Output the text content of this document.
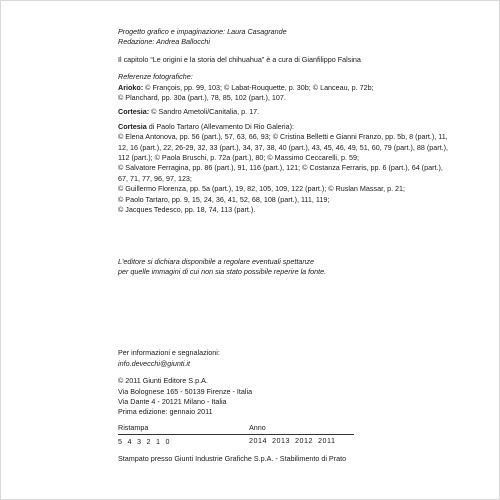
Progetto grafico e impaginazione: Laura Casagrande
Redazione: Andrea Ballocchi
Il capitolo “Le origini e la storia del chihuahua” è a cura di Gianfilippo Falsina
Referenze fotografiche:
Arioko: © François, pp. 99, 103; © Labat-Rouquette, p. 30b; © Lanceau, p. 72b;
© Planchard, pp. 30a (part.), 78, 85, 102 (part.), 107.
Cortesia: © Sandro Ametoli/Canitalia, p. 17.
Cortesia di Paolo Tartaro (Allevamento Di Rio Galeria):
© Elena Antonova, pp. 56 (part.), 57, 63, 66, 93; © Cristina Belletti e Gianni Franzo, pp. 5b, 8 (part.), 11,
12, 16 (part.), 22, 26-29, 32, 33 (part.), 34, 37, 38, 40 (part.), 43, 45, 46, 49, 51, 60, 79 (part.), 88 (part.),
112 (part.); © Paola Bruschi, p. 72a (part.), 80; © Massimo Ceccarelli, p. 59;
© Salvatore Ferragina, pp. 86 (part.), 91, 116 (part.), 121; © Costanza Ferraris, pp. 6 (part.), 64 (part.),
67, 71, 77, 96, 97, 123;
© Guillermo Florenza, pp. 5a (part.), 19, 82, 105, 109, 122 (part.); © Ruslan Massar, p. 21;
© Paolo Tartaro, pp. 9, 15, 24, 36, 41, 52, 68, 108 (part.), 111, 119;
© Jacques Tedesco, pp. 18, 74, 113 (part.).
L'editore si dichiara disponibile a regolare eventuali spettanze
per quelle immagini di cui non sia stato possibile reperire la fonte.
Per informazioni e segnalazioni:
info.devecchi@giunti.it
© 2011 Giunti Editore S.p.A.
Via Bolognese 165 - 50139 Firenze - Italia
Via Dante 4 - 20121 Milano - Italia
Prima edizione: gennaio 2011
Ristampa	Anno
5 4 3 2 1 0	2014 2013 2012 2011
Stampato presso Giunti Industrie Grafiche S.p.A. - Stabilimento di Prato
